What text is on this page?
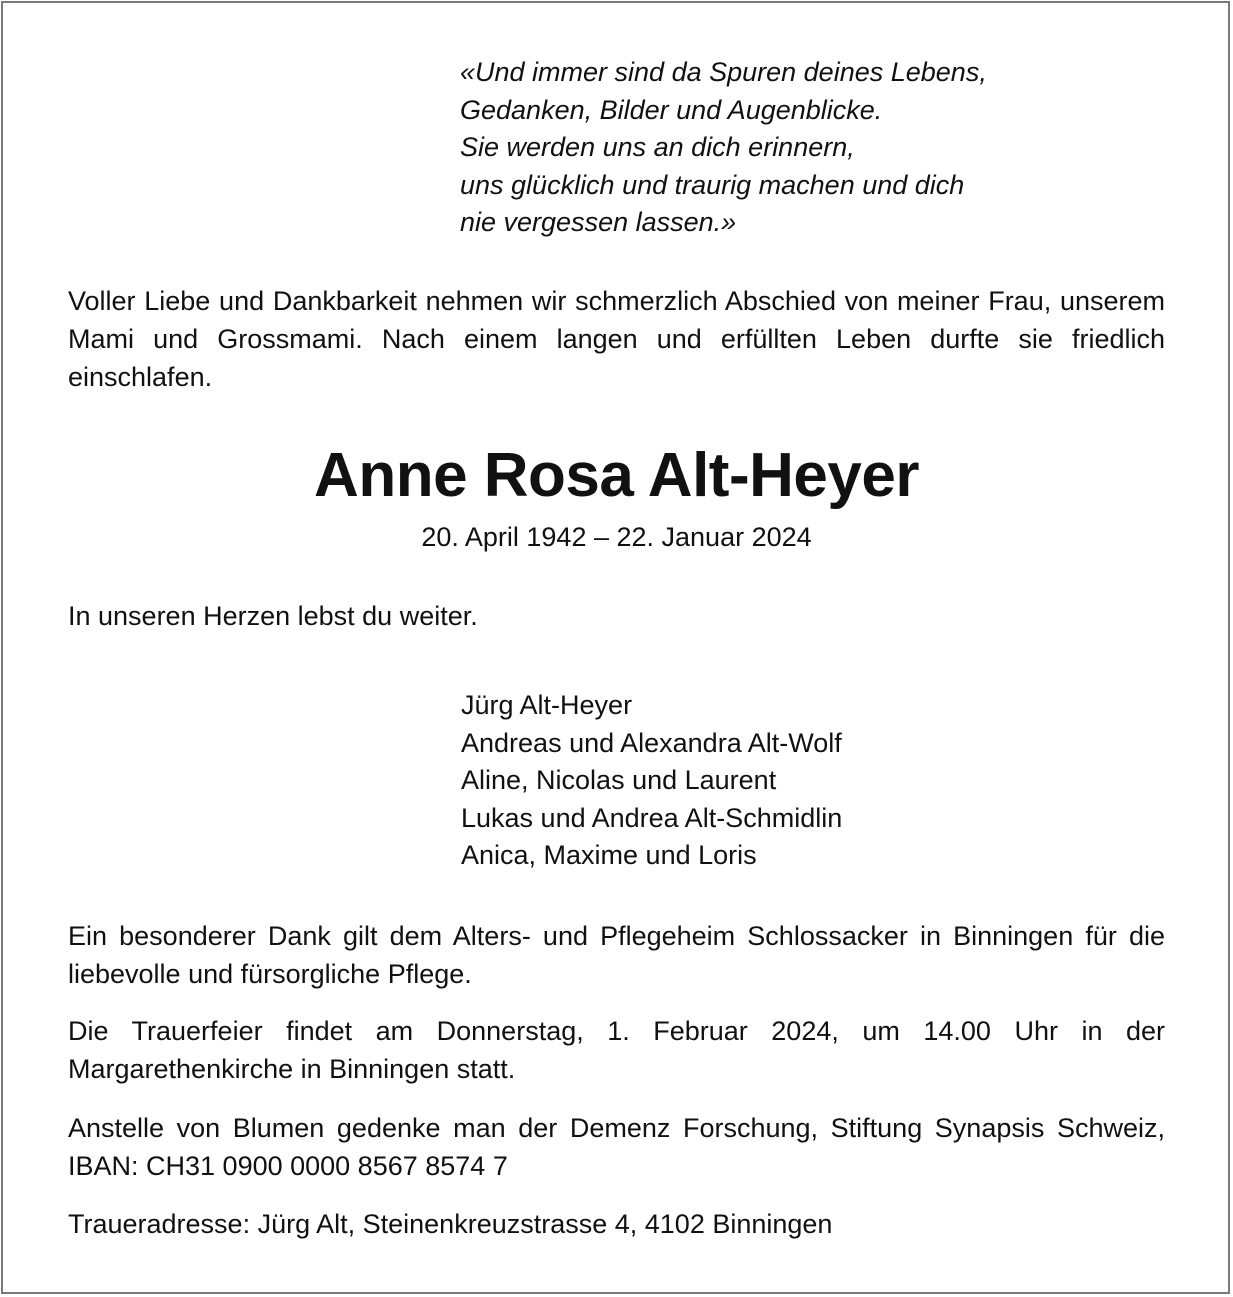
«Und immer sind da Spuren deines Lebens,
Gedanken, Bilder und Augenblicke.
Sie werden uns an dich erinnern,
uns glücklich und traurig machen und dich
nie vergessen lassen.»
Voller Liebe und Dankbarkeit nehmen wir schmerzlich Abschied von meiner Frau, unserem Mami und Grossmami. Nach einem langen und erfüllten Leben durfte sie friedlich einschlafen.
Anne Rosa Alt-Heyer
20. April 1942 – 22. Januar 2024
In unseren Herzen lebst du weiter.
Jürg Alt-Heyer
Andreas und Alexandra Alt-Wolf
Aline, Nicolas und Laurent
Lukas und Andrea Alt-Schmidlin
Anica, Maxime und Loris
Ein besonderer Dank gilt dem Alters- und Pflegeheim Schlossacker in Binningen für die liebevolle und fürsorgliche Pflege.
Die Trauerfeier findet am Donnerstag, 1. Februar 2024, um 14.00 Uhr in der Margarethenkirche in Binningen statt.
Anstelle von Blumen gedenke man der Demenz Forschung, Stiftung Synapsis Schweiz, IBAN: CH31 0900 0000 8567 8574 7
Traueradresse: Jürg Alt, Steinenkreuzstrasse 4, 4102 Binningen
